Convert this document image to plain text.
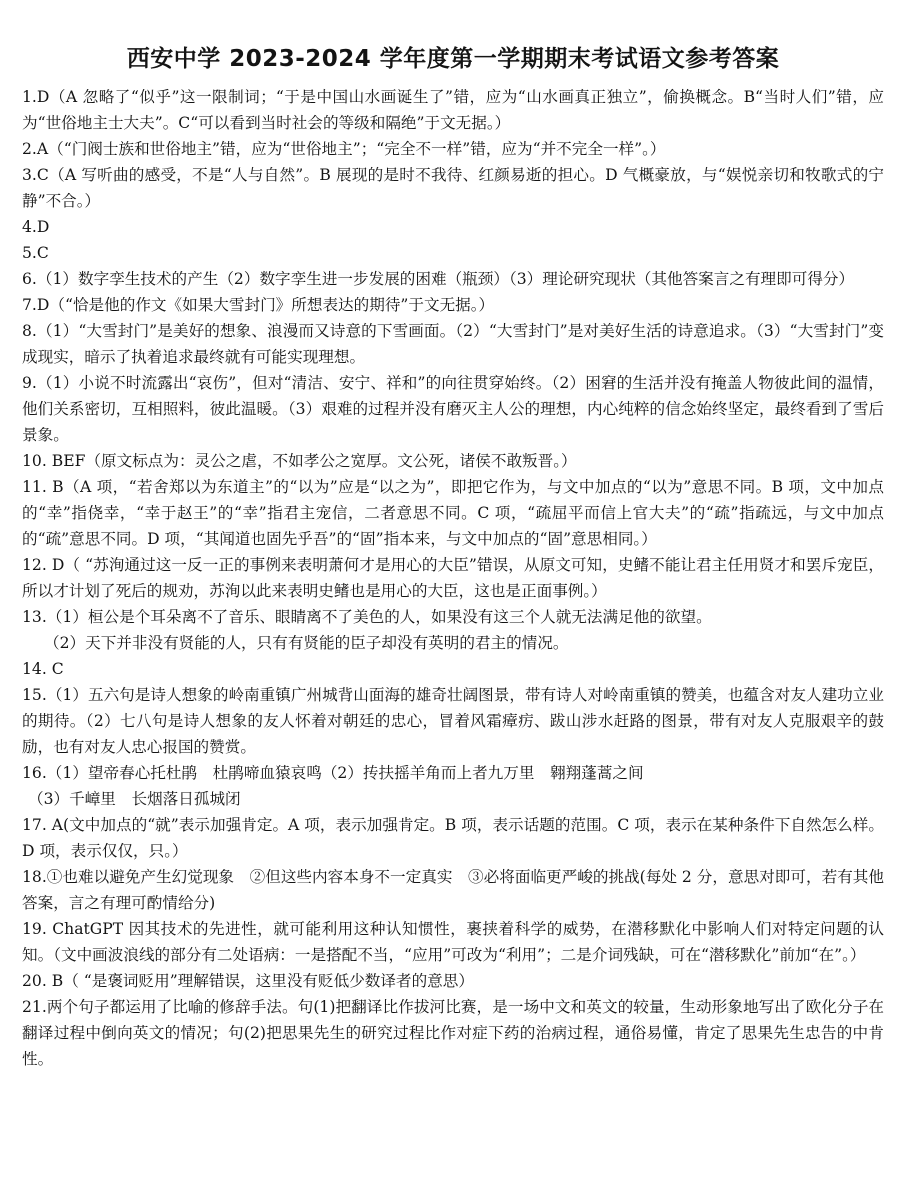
西安中学 2023-2024 学年度第一学期期末考试语文参考答案

1.D（A 忽略了“似乎”这一限制词；“于是中国山水画诞生了”错，应为“山水画真正独立”，偷换概念。B“当时人们”错，应为“世俗地主士大夫”。C“可以看到当时社会的等级和隔绝”于文无据。）

2.A（“门阀士族和世俗地主”错，应为“世俗地主”；“完全不一样”错，应为“并不完全一样”。）

3.C（A 写听曲的感受，不是“人与自然”。B 展现的是时不我待、红颜易逝的担心。D 气概豪放，与“娱悦亲切和牧歌式的宁静”不合。）

4.D

5.C

6.（1）数字孪生技术的产生（2）数字孪生进一步发展的困难（瓶颈）（3）理论研究现状（其他答案言之有理即可得分）

7.D（“恰是他的作文《如果大雪封门》所想表达的期待”于文无据。）

8.（1）“大雪封门”是美好的想象、浪漫而又诗意的下雪画面。（2）“大雪封门”是对美好生活的诗意追求。（3）“大雪封门”变成现实，暗示了执着追求最终就有可能实现理想。

9.（1）小说不时流露出“哀伤”，但对“清洁、安宁、祥和”的向往贯穿始终。（2）困窘的生活并没有掩盖人物彼此间的温情，他们关系密切，互相照料，彼此温暖。（3）艰难的过程并没有磨灭主人公的理想，内心纯粹的信念始终坚定，最终看到了雪后景象。

10. BEF（原文标点为：灵公之虐，不如孝公之宽厚。文公死，诸侯不敢叛晋。）

11. B（A 项，“若舍郑以为东道主”的“以为”应是“以之为”，即把它作为，与文中加点的“以为”意思不同。B 项，文中加点的“幸”指侥幸，“幸于赵王”的“幸”指君主宠信，二者意思不同。C 项，“疏屈平而信上官大夫”的“疏”指疏远，与文中加点的“疏”意思不同。D 项，“其闻道也固先乎吾”的“固”指本来，与文中加点的“固”意思相同。）

12. D（ “苏洵通过这一反一正的事例来表明萧何才是用心的大臣”错误，从原文可知，史鳍不能让君主任用贤才和罢斥宠臣，所以才计划了死后的规劝，苏洵以此来表明史鳍也是用心的大臣，这也是正面事例。）

13.（1）桓公是个耳朵离不了音乐、眼睛离不了美色的人，如果没有这三个人就无法满足他的欲望。

（2）天下并非没有贤能的人，只有有贤能的臣子却没有英明的君主的情况。

14. C

15.（1）五六句是诗人想象的岭南重镇广州城背山面海的雄奇壮阔图景，带有诗人对岭南重镇的赞美，也蕴含对友人建功立业的期待。（2）七八句是诗人想象的友人怀着对朝廷的忠心，冒着风霜瘴疠、跋山涉水赶路的图景，带有对友人克服艰辛的鼓励，也有对友人忠心报国的赞赏。

16.（1）望帝春心托杜鹃　杜鹃啼血猿哀鸣（2）抟扶摇羊角而上者九万里　翱翔蓬蒿之间

（3）千嶂里　长烟落日孤城闭

17. A(文中加点的“就”表示加强肯定。A 项，表示加强肯定。B 项，表示话题的范围。C 项，表示在某种条件下自然怎么样。D 项，表示仅仅，只。）

18.①也难以避免产生幻觉现象　②但这些内容本身不一定真实　③必将面临更严峻的挑战(每处 2 分，意思对即可，若有其他答案，言之有理可酌情给分)

19. ChatGPT 因其技术的先进性，就可能利用这种认知惯性，裹挟着科学的威势，在潜移默化中影响人们对特定问题的认知。（文中画波浪线的部分有二处语病：一是搭配不当，“应用”可改为“利用”；二是介词残缺，可在“潜移默化”前加“在”。）

20. B（ “是褒词贬用”理解错误，这里没有贬低少数译者的意思）

21.两个句子都运用了比喻的修辞手法。句(1)把翻译比作拔河比赛，是一场中文和英文的较量，生动形象地写出了欧化分子在翻译过程中倒向英文的情况；句(2)把思果先生的研究过程比作对症下药的治病过程，通俗易懂，肯定了思果先生忠告的中肯性。
